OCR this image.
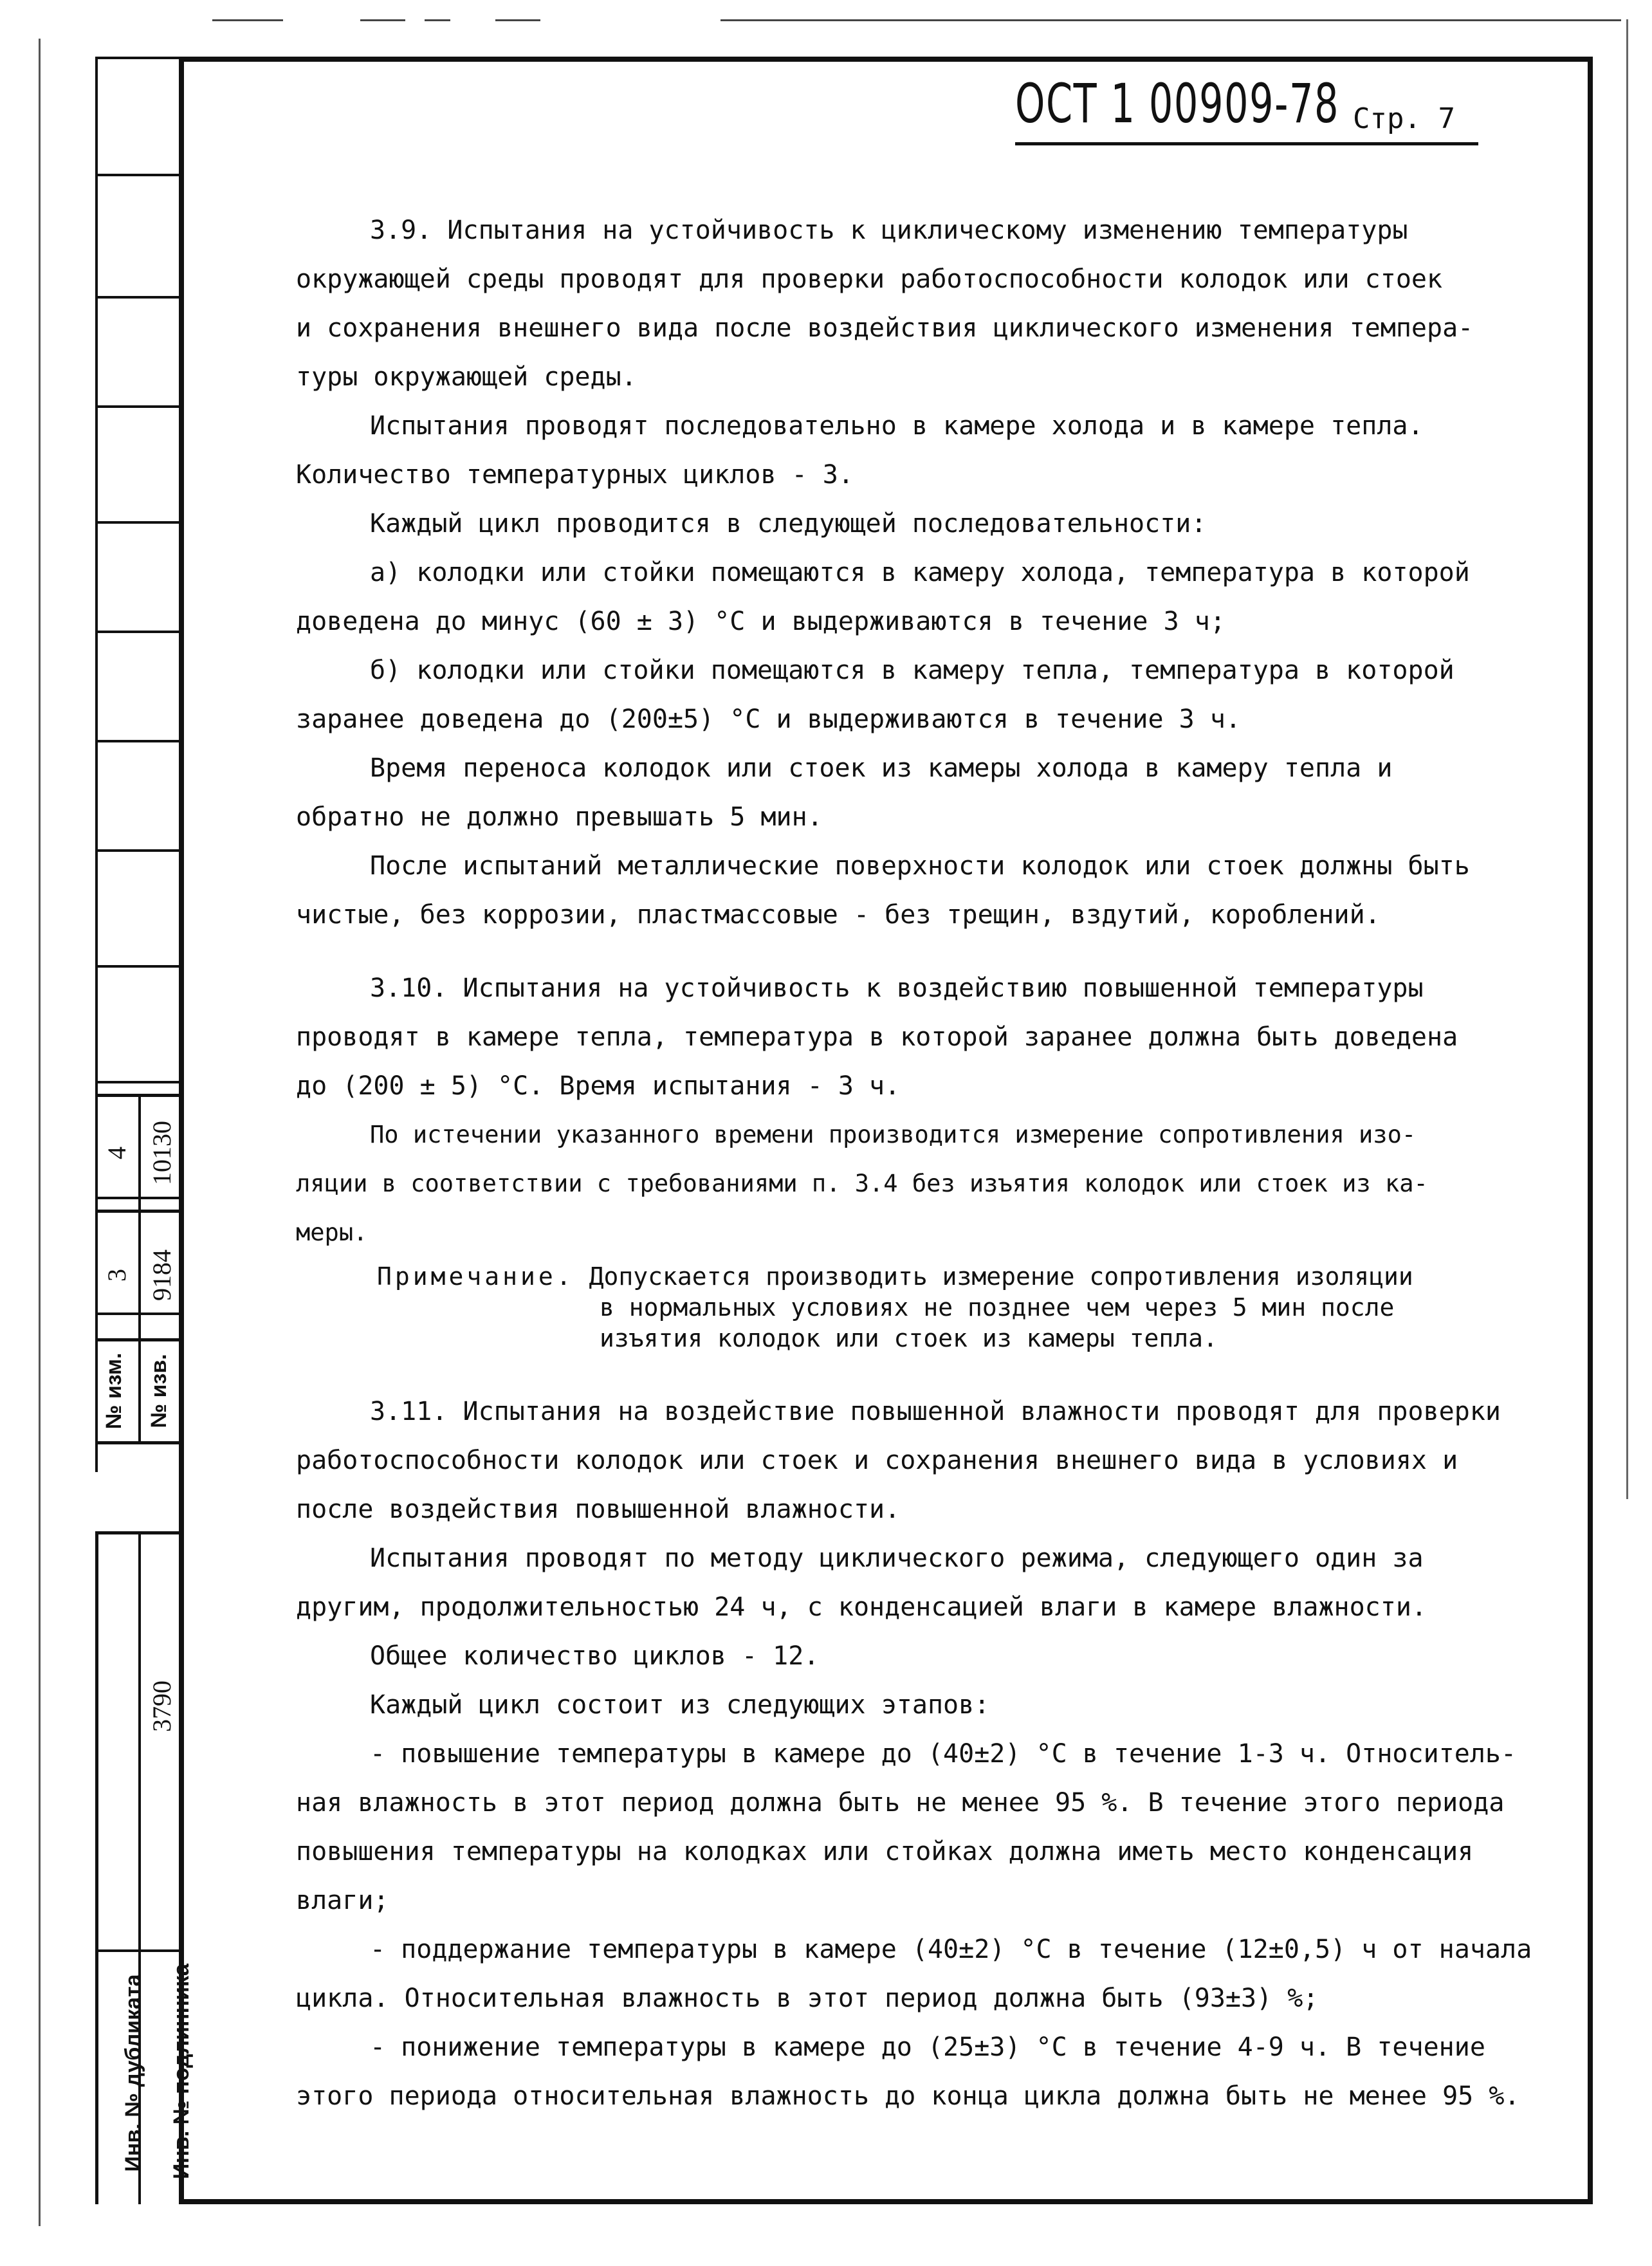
4
3
№ изм.
10130
9184
№ изв.
3790
Инв. № дубликата Инв. № подлинника
ОСТ 1 00909-78 Стр. 7

3.9. Испытания на устойчивость к циклическому изменению температуры

окружающей среды проводят для проверки работоспособности колодок или стоек

и сохранения внешнего вида после воздействия циклического изменения темпера-

туры окружающей среды.

Испытания проводят последовательно в камере холода и в камере тепла.

Количество температурных циклов - 3.

Каждый цикл проводится в следующей последовательности:

а) колодки или стойки помещаются в камеру холода, температура в которой

доведена до минус (60 ± 3) °С и выдерживаются в течение 3 ч;

б) колодки или стойки помещаются в камеру тепла, температура в которой

заранее доведена до (200±5) °С и выдерживаются в течение 3 ч.

Время переноса колодок или стоек из камеры холода в камеру тепла и

обратно не должно превышать 5 мин.

После испытаний металлические поверхности колодок или стоек должны быть

чистые, без коррозии, пластмассовые - без трещин, вздутий, короблений.

3.10. Испытания на устойчивость к воздействию повышенной температуры

проводят в камере тепла, температура в которой заранее должна быть доведена

до (200 ± 5) °С. Время испытания - 3 ч.

По истечении указанного времени производится измерение сопротивления изо-

ляции в соответствии с требованиями п. 3.4 без изъятия колодок или стоек из ка-

меры.

Примечание. Допускается производить измерение сопротивления изоляции
в нормальных условиях не позднее чем через 5 мин после
изъятия колодок или стоек из камеры тепла.

3.11. Испытания на воздействие повышенной влажности проводят для проверки

работоспособности колодок или стоек и сохранения внешнего вида в условиях и

после воздействия повышенной влажности.

Испытания проводят по методу циклического режима, следующего один за

другим, продолжительностью 24 ч, с конденсацией влаги в камере влажности.

Общее количество циклов - 12.

Каждый цикл состоит из следующих этапов:

- повышение температуры в камере до (40±2) °С в течение 1-3 ч. Относитель-

ная влажность в этот период должна быть не менее 95 %. В течение этого периода

повышения температуры на колодках или стойках должна иметь место конденсация

влаги;

- поддержание температуры в камере (40±2) °С в течение (12±0,5) ч от начала

цикла. Относительная влажность в этот период должна быть (93±3) %;

- понижение температуры в камере до (25±3) °С в течение 4-9 ч. В течение

этого периода относительная влажность до конца цикла должна быть не менее 95 %.
